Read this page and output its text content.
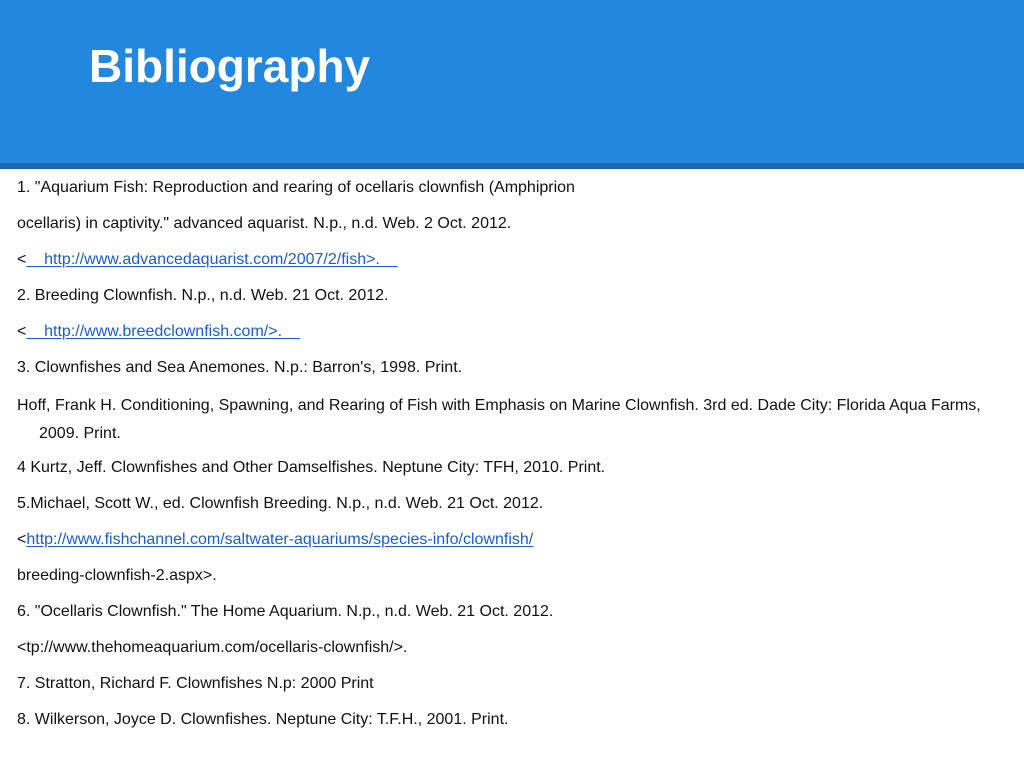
Bibliography

1. "Aquarium Fish: Reproduction and rearing of ocellaris clownfish (Amphiprion

ocellaris) in captivity." advanced aquarist. N.p., n.d. Web. 2 Oct. 2012.

<    http://www.advancedaquarist.com/2007/2/fish>.

2. Breeding Clownfish. N.p., n.d. Web. 21 Oct. 2012.

<    http://www.breedclownfish.com/>.

3. Clownfishes and Sea Anemones. N.p.: Barron's, 1998. Print.

Hoff, Frank H. Conditioning, Spawning, and Rearing of Fish with Emphasis on Marine Clownfish. 3rd ed. Dade City: Florida Aqua Farms, 2009. Print.

4 Kurtz, Jeff. Clownfishes and Other Damselfishes. Neptune City: TFH, 2010. Print.

5.Michael, Scott W., ed. Clownfish Breeding. N.p., n.d. Web. 21 Oct. 2012.

<http://www.fishchannel.com/saltwater-aquariums/species-info/clownfish/

breeding-clownfish-2.aspx>.

6. "Ocellaris Clownfish." The Home Aquarium. N.p., n.d. Web. 21 Oct. 2012.

<tp://www.thehomeaquarium.com/ocellaris-clownfish/>.

7. Stratton, Richard F. Clownfishes N.p: 2000 Print

8. Wilkerson, Joyce D. Clownfishes. Neptune City: T.F.H., 2001. Print.
